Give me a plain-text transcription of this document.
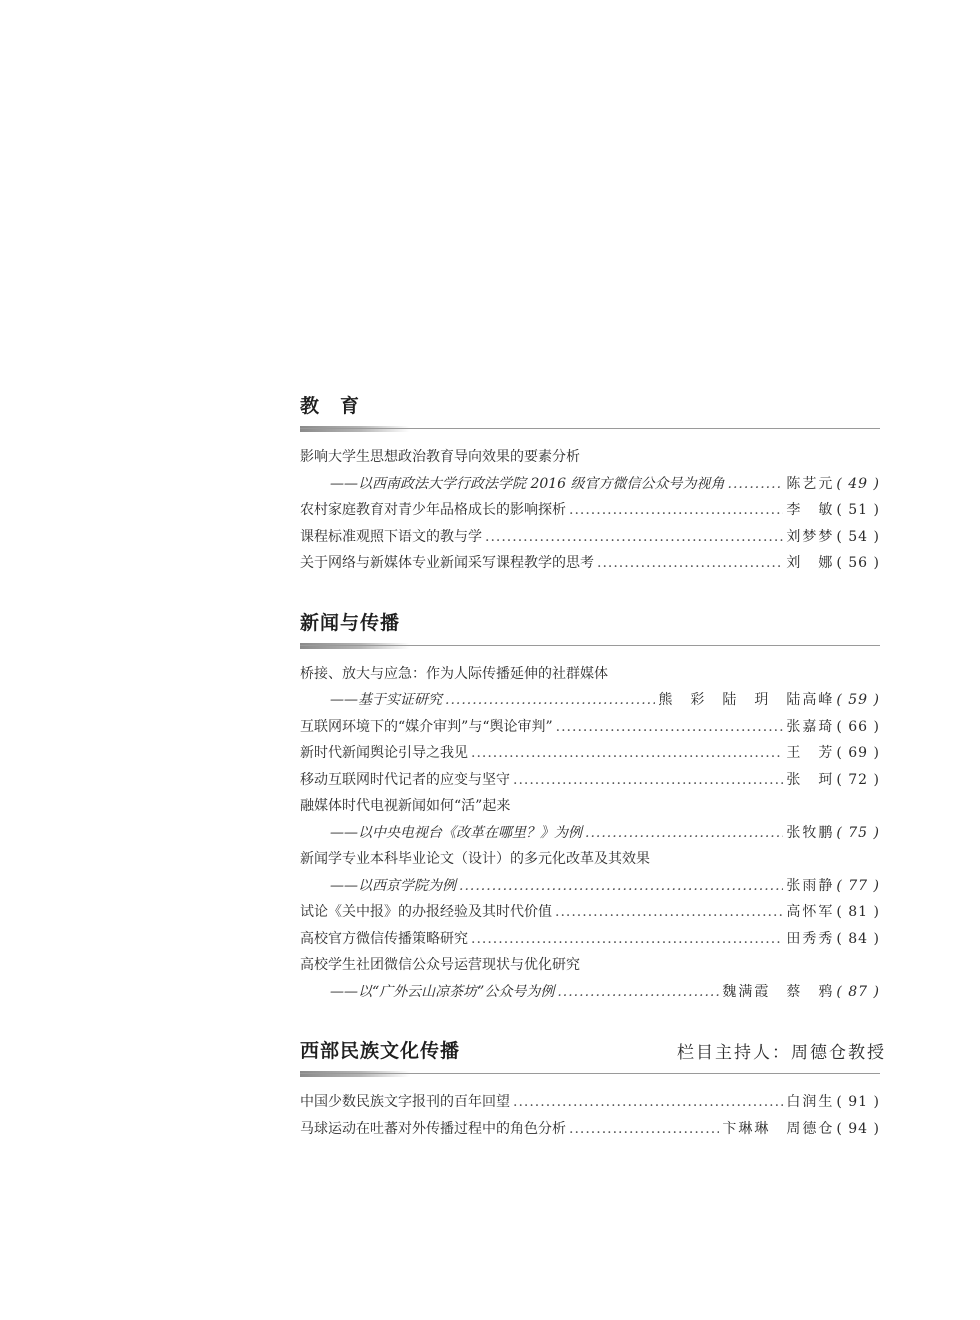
教　育
影响大学生思想政治教育导向效果的要素分析
——以西南政法大学行政法学院 2016 级官方微信公众号为视角 .....	陈艺元 ( 49 )
农村家庭教育对青少年品格成长的影响探析 .....	李　敏 ( 51 )
课程标准观照下语文的教与学 .....	刘梦梦 ( 54 )
关于网络与新媒体专业新闻采写课程教学的思考 .....	刘　娜 ( 56 )
新闻与传播
桥接、放大与应急：作为人际传播延伸的社群媒体
——基于实证研究 .....	熊　彩　陆　玥　陆高峰 ( 59 )
互联网环境下的“媒介审判”与“舆论审判” .....	张嘉琦 ( 66 )
新时代新闻舆论引导之我见 .....	王　芳 ( 69 )
移动互联网时代记者的应变与坚守 .....	张　珂 ( 72 )
融媒体时代电视新闻如何“活”起来
——以中央电视台《改革在哪里？》为例 .....	张牧鹏 ( 75 )
新闻学专业本科毕业论文（设计）的多元化改革及其效果
——以西京学院为例 .....	张雨静 ( 77 )
试论《关中报》的办报经验及其时代价值 .....	高怀军 ( 81 )
高校官方微信传播策略研究 .....	田秀秀 ( 84 )
高校学生社团微信公众号运营现状与优化研究
——以“广外云山凉茶坊”公众号为例 .....	魏满霞　蔡　鸦 ( 87 )
西部民族文化传播	栏目主持人：周德仓教授
中国少数民族文字报刊的百年回望 .....	白润生 ( 91 )
马球运动在吐蕃对外传播过程中的角色分析 .....	卞琳琳　周德仓 ( 94 )
